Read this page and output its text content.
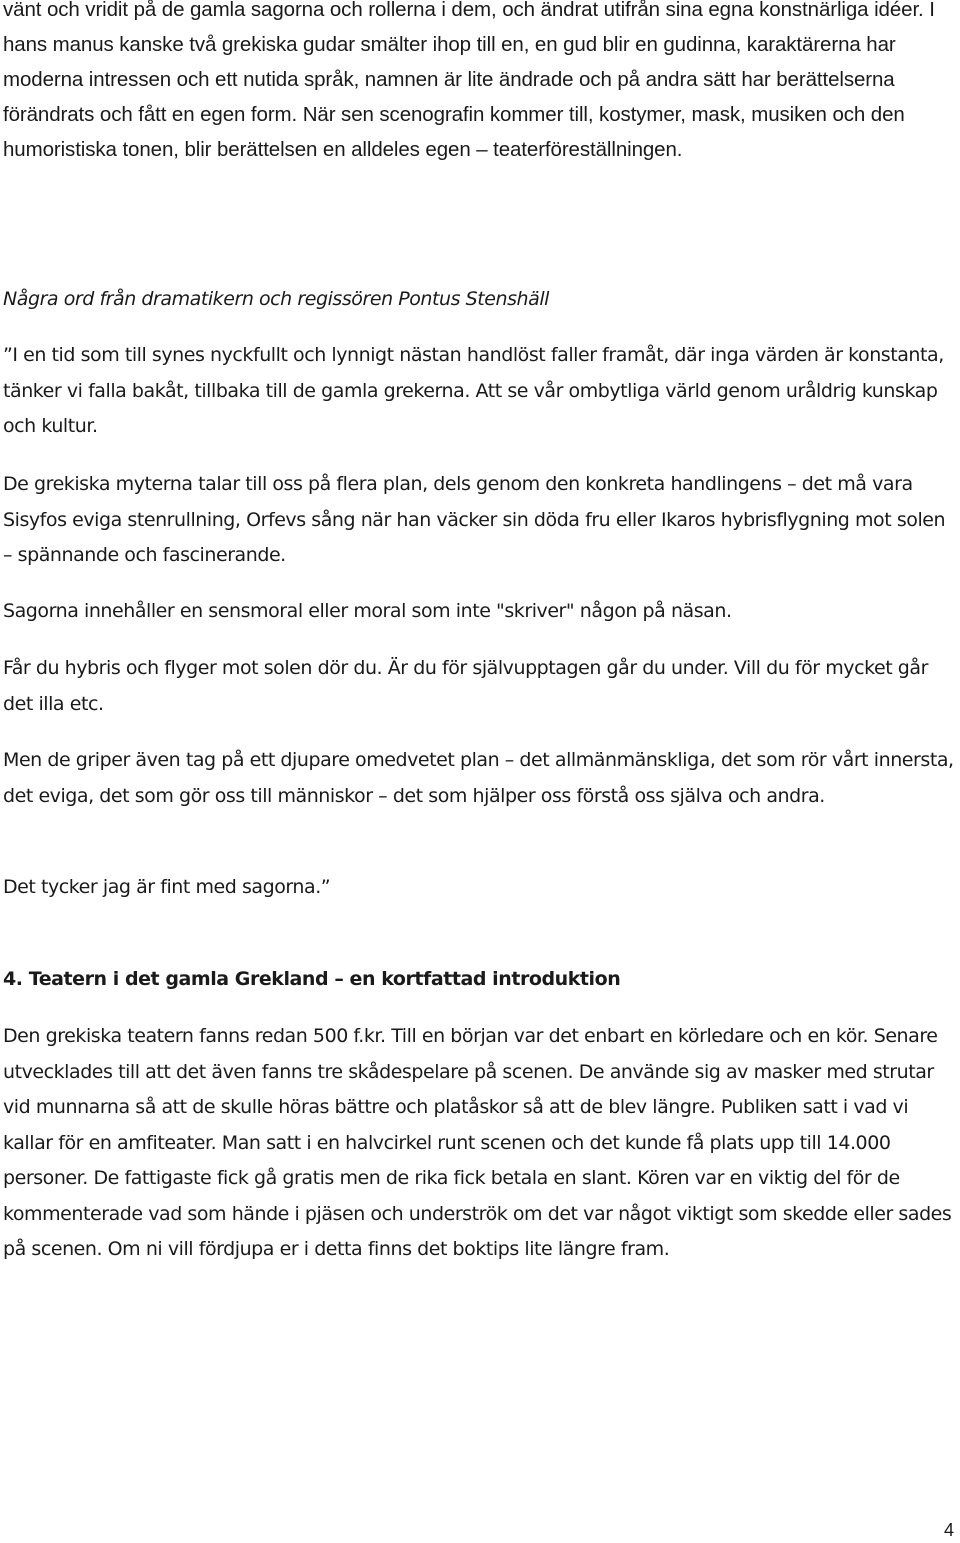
vänt och vridit på de gamla sagorna och rollerna i dem, och ändrat utifrån sina egna konstnärliga idéer. I hans manus kanske två grekiska gudar smälter ihop till en, en gud blir en gudinna, karaktärerna har moderna intressen och ett nutida språk, namnen är lite ändrade och på andra sätt har berättelserna förändrats och fått en egen form. När sen scenografin kommer till, kostymer, mask, musiken och den humoristiska tonen, blir berättelsen en alldeles egen – teaterföreställningen.

Några ord från dramatikern och regissören Pontus Stenshäll

”I en tid som till synes nyckfullt och lynnigt nästan handlöst faller framåt, där inga värden är konstanta, tänker vi falla bakåt, tillbaka till de gamla grekerna. Att se vår ombytliga värld genom uråldrig kunskap och kultur.

De grekiska myterna talar till oss på flera plan, dels genom den konkreta handlingens – det må vara Sisyfos eviga stenrullning, Orfevs sång när han väcker sin döda fru eller Ikaros hybrisflygning mot solen – spännande och fascinerande.

Sagorna innehåller en sensmoral eller moral som inte "skriver" någon på näsan.

Får du hybris och flyger mot solen dör du. Är du för självupptagen går du under. Vill du för mycket går det illa etc.

Men de griper även tag på ett djupare omedvetet plan – det allmänmänskliga, det som rör vårt innersta, det eviga, det som gör oss till människor – det som hjälper oss förstå oss själva och andra.

Det tycker jag är fint med sagorna.”

4. Teatern i det gamla Grekland – en kortfattad introduktion

Den grekiska teatern fanns redan 500 f.kr. Till en början var det enbart en körledare och en kör. Senare utvecklades till att det även fanns tre skådespelare på scenen. De använde sig av masker med strutar vid munnarna så att de skulle höras bättre och platåskor så att de blev längre. Publiken satt i vad vi kallar för en amfiteater. Man satt i en halvcirkel runt scenen och det kunde få plats upp till 14.000 personer. De fattigaste fick gå gratis men de rika fick betala en slant. Kören var en viktig del för de kommenterade vad som hände i pjäsen och underströk om det var något viktigt som skedde eller sades på scenen. Om ni vill fördjupa er i detta finns det boktips lite längre fram.

4
